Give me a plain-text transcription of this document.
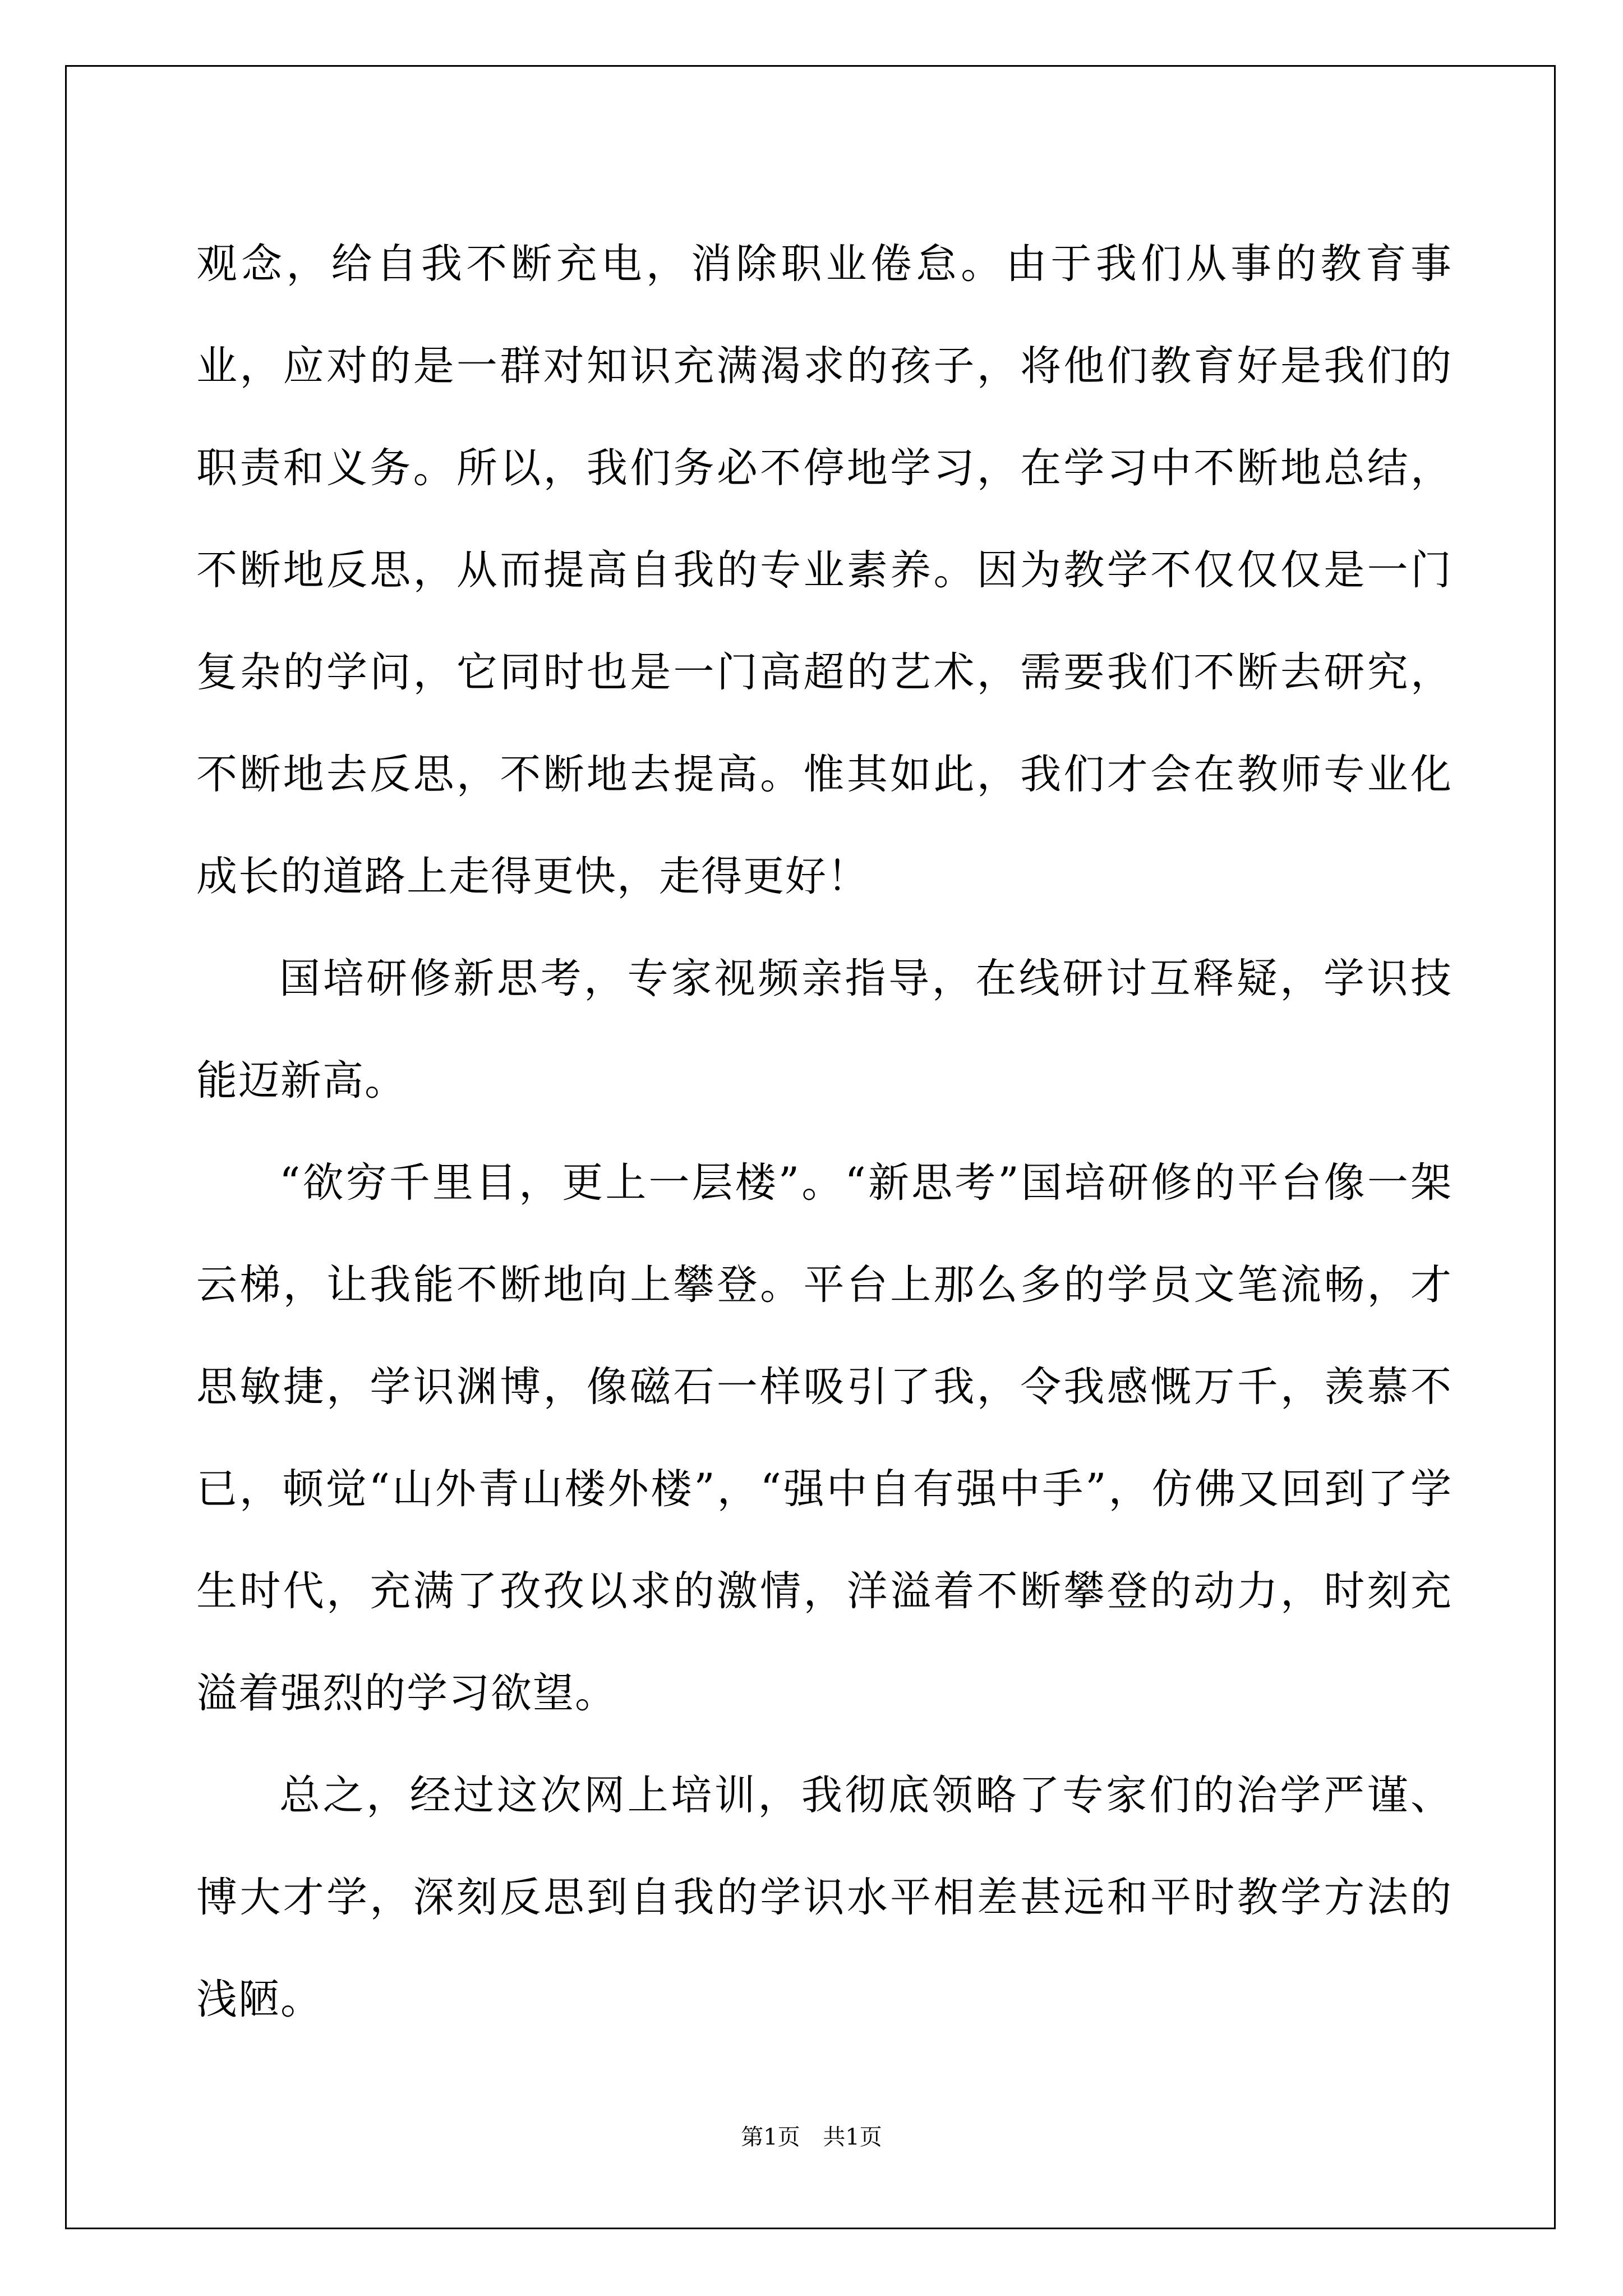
观念，给自我不断充电，消除职业倦怠。由于我们从事的教育事业，应对的是一群对知识充满渴求的孩子，将他们教育好是我们的职责和义务。所以，我们务必不停地学习，在学习中不断地总结，不断地反思，从而提高自我的专业素养。因为教学不仅仅仅是一门复杂的学问，它同时也是一门高超的艺术，需要我们不断去研究，不断地去反思，不断地去提高。惟其如此，我们才会在教师专业化成长的道路上走得更快，走得更好！

国培研修新思考，专家视频亲指导，在线研讨互释疑，学识技能迈新高。

“欲穷千里目，更上一层楼”。“新思考”国培研修的平台像一架云梯，让我能不断地向上攀登。平台上那么多的学员文笔流畅，才思敏捷，学识渊博，像磁石一样吸引了我，令我感慨万千，羡慕不已，顿觉“山外青山楼外楼”，“强中自有强中手”，仿佛又回到了学生时代，充满了孜孜以求的激情，洋溢着不断攀登的动力，时刻充溢着强烈的学习欲望。

总之，经过这次网上培训，我彻底领略了专家们的治学严谨、博大才学，深刻反思到自我的学识水平相差甚远和平时教学方法的浅陋。

第1页 共1页
